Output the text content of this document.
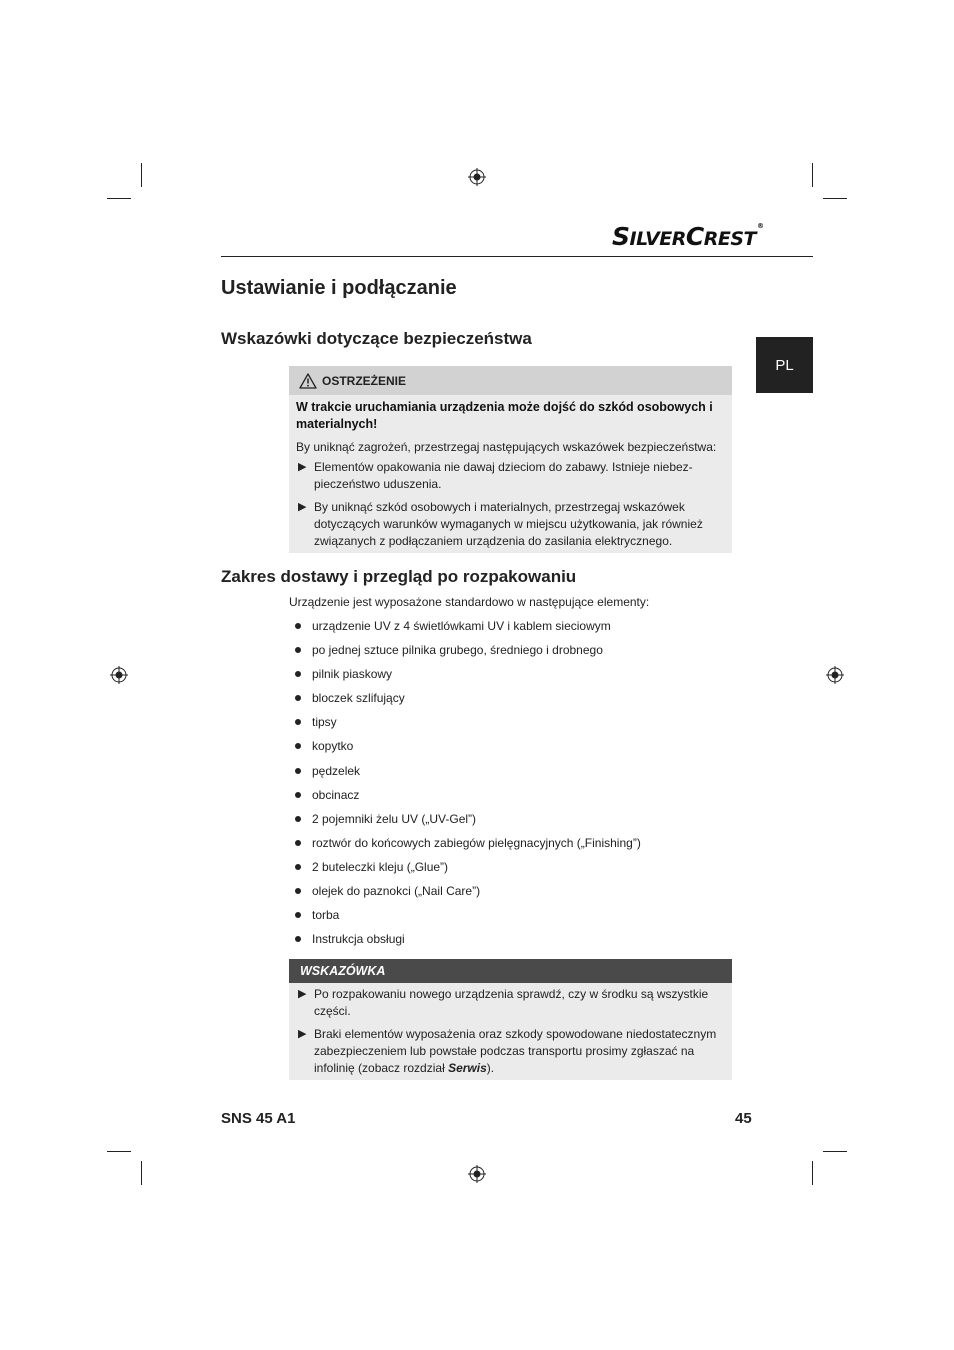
SILVERCREST®
PL
Ustawianie i podłączanie
Wskazówki dotyczące bezpieczeństwa
OSTRZEŻENIE
W trakcie uruchamiania urządzenia może dojść do szkód osobowych i materialnych!
By uniknąć zagrożeń, przestrzegaj następujących wskazówek bezpieczeństwa:
▶ Elementów opakowania nie dawaj dzieciom do zabawy. Istnieje niebez-pieczeństwo uduszenia.
▶ By uniknąć szkód osobowych i materialnych, przestrzegaj wskazówek dotyczących warunków wymaganych w miejscu użytkowania, jak również związanych z podłączaniem urządzenia do zasilania elektrycznego.
Zakres dostawy i przegląd po rozpakowaniu
Urządzenie jest wyposażone standardowo w następujące elementy:
urządzenie UV z 4 świetlówkami UV i kablem sieciowym
po jednej sztuce pilnika grubego, średniego i drobnego
pilnik piaskowy
bloczek szlifujący
tipsy
kopytko
pędzelek
obcinacz
2 pojemniki żelu UV („UV-Gel”)
roztwór do końcowych zabiegów pielęgnacyjnych („Finishing”)
2 buteleczki kleju („Glue”)
olejek do paznokci („Nail Care”)
torba
Instrukcja obsługi
WSKAZÓWKA
▶ Po rozpakowaniu nowego urządzenia sprawdź, czy w środku są wszystkie części.
▶ Braki elementów wyposażenia oraz szkody spowodowane niedostatecznym zabezpieczeniem lub powstałe podczas transportu prosimy zgłaszać na infolinię (zobacz rozdział Serwis).
SNS 45 A1	45
